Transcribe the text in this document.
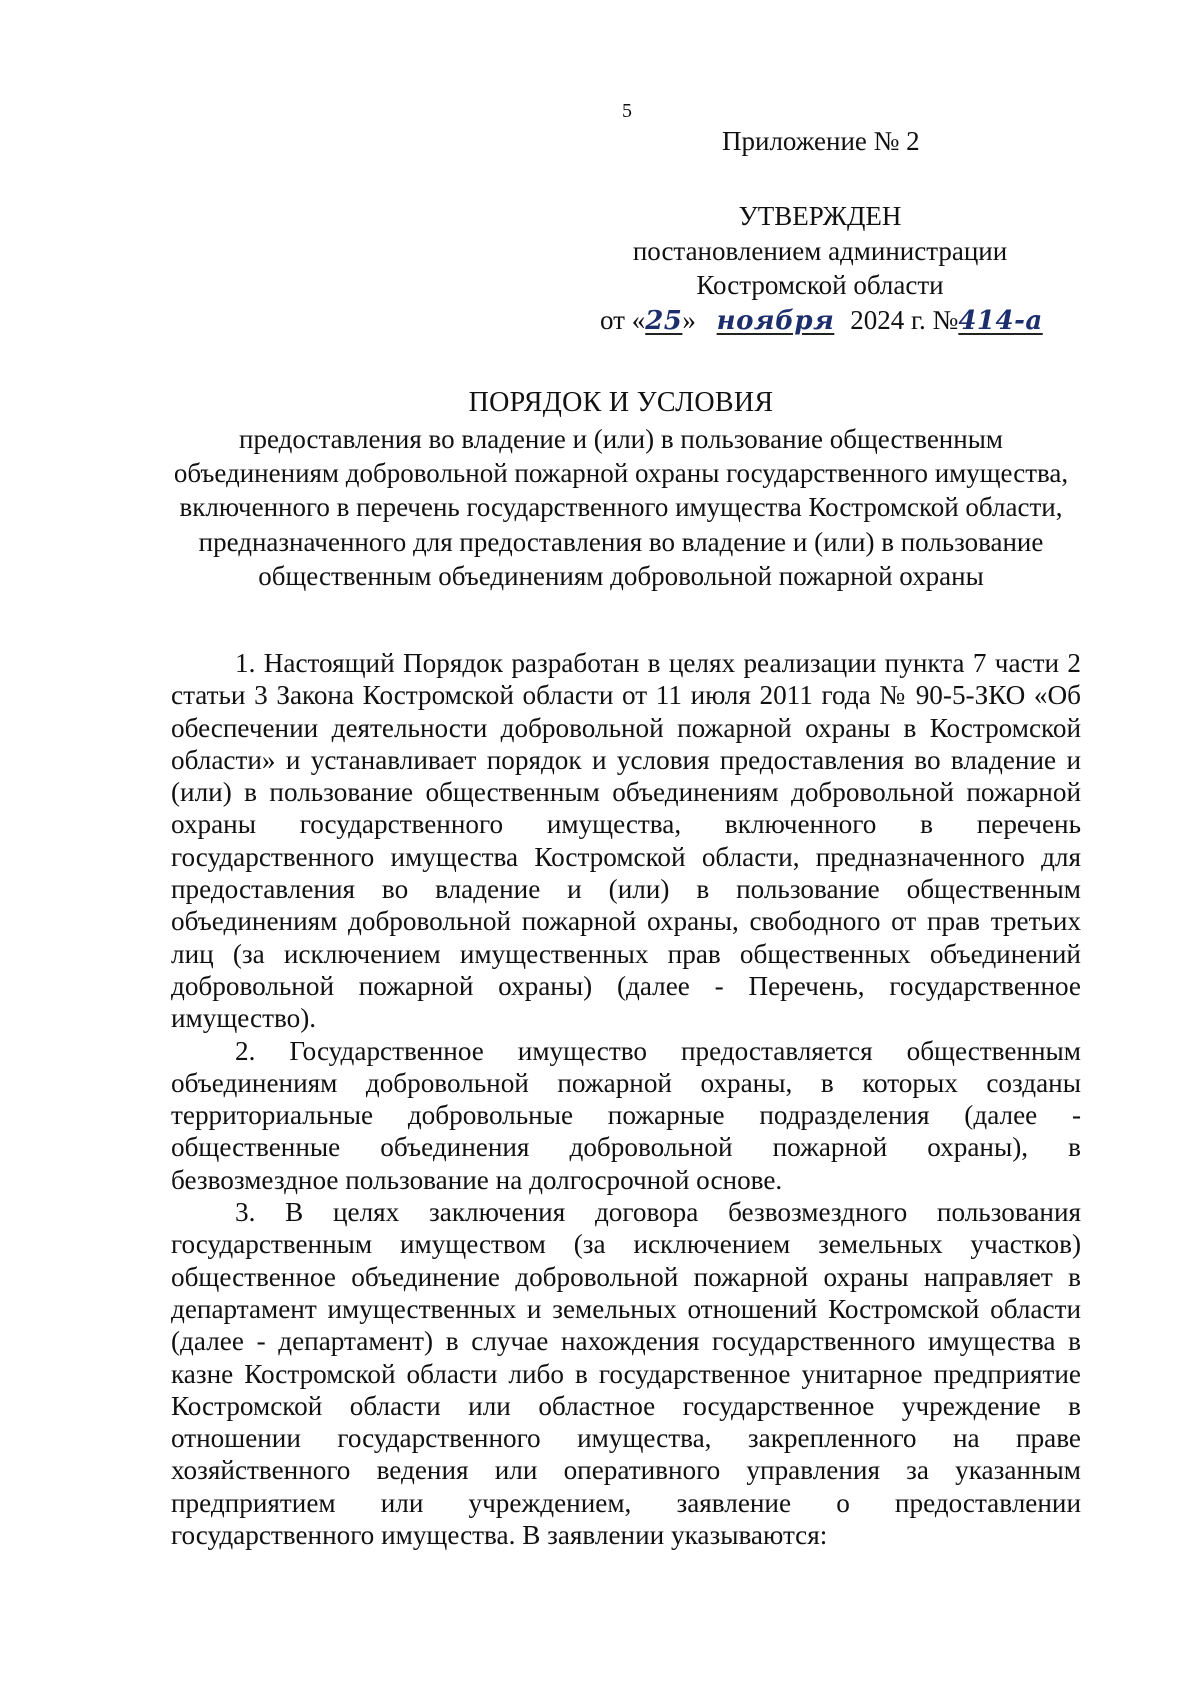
5
Приложение № 2
УТВЕРЖДЕН
постановлением администрации
Костромской области
от «25» ноября 2024 г. №414-а
ПОРЯДОК И УСЛОВИЯ
предоставления во владение и (или) в пользование общественным объединениям добровольной пожарной охраны государственного имущества, включенного в перечень государственного имущества Костромской области, предназначенного для предоставления во владение и (или) в пользование общественным объединениям добровольной пожарной охраны

1. Настоящий Порядок разработан в целях реализации пункта 7 части 2 статьи 3 Закона Костромской области от 11 июля 2011 года № 90-5-ЗКО «Об обеспечении деятельности добровольной пожарной охраны в Костромской области» и устанавливает порядок и условия предоставления во владение и (или) в пользование общественным объединениям добровольной пожарной охраны государственного имущества, включенного в перечень государственного имущества Костромской области, предназначенного для предоставления во владение и (или) в пользование общественным объединениям добровольной пожарной охраны, свободного от прав третьих лиц (за исключением имущественных прав общественных объединений добровольной пожарной охраны) (далее - Перечень, государственное имущество).

2. Государственное имущество предоставляется общественным объединениям добровольной пожарной охраны, в которых созданы территориальные добровольные пожарные подразделения (далее - общественные объединения добровольной пожарной охраны), в безвозмездное пользование на долгосрочной основе.

3. В целях заключения договора безвозмездного пользования государственным имуществом (за исключением земельных участков) общественное объединение добровольной пожарной охраны направляет в департамент имущественных и земельных отношений Костромской области (далее - департамент) в случае нахождения государственного имущества в казне Костромской области либо в государственное унитарное предприятие Костромской области или областное государственное учреждение в отношении государственного имущества, закрепленного на праве хозяйственного ведения или оперативного управления за указанным предприятием или учреждением, заявление о предоставлении государственного имущества. В заявлении указываются:
